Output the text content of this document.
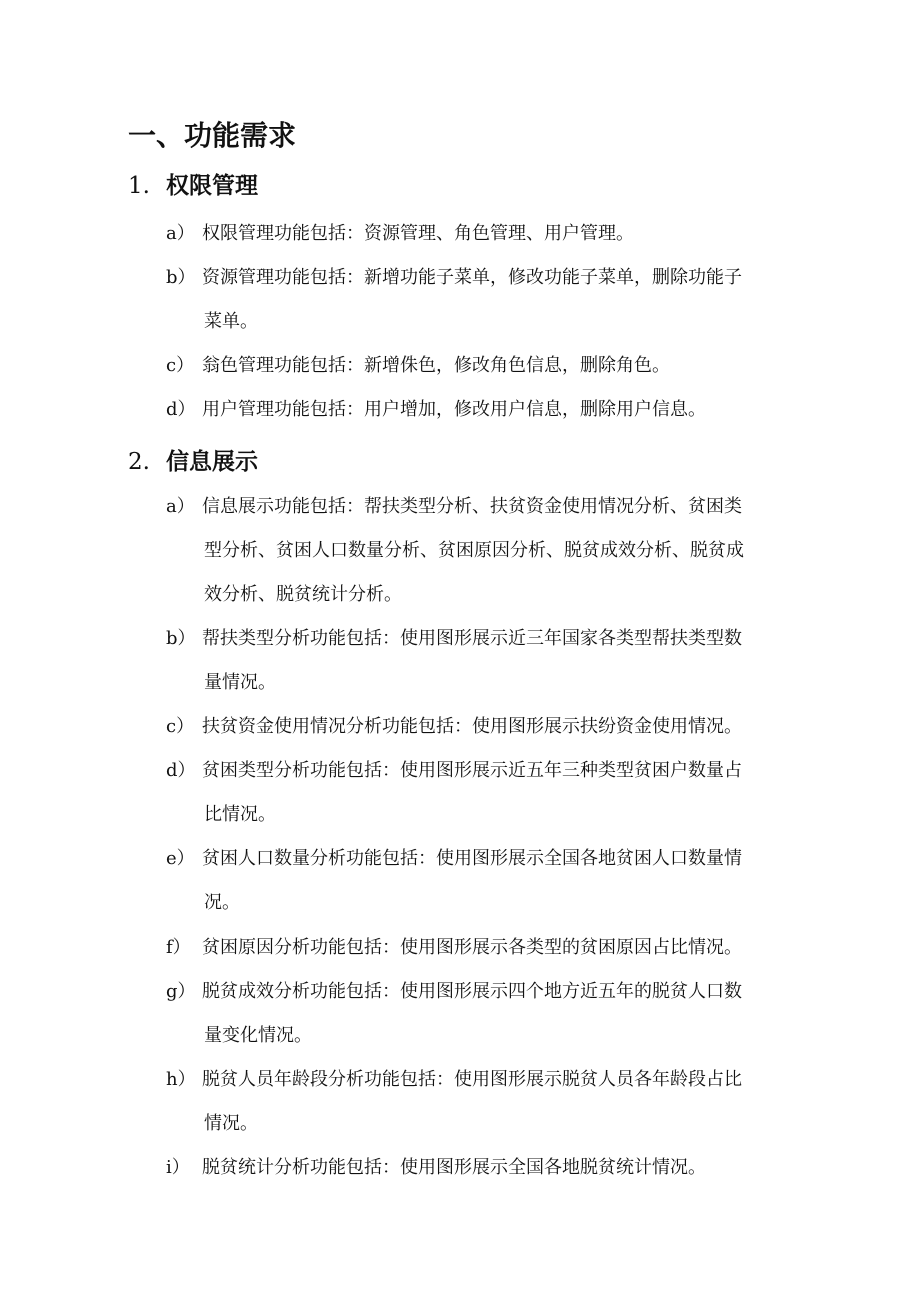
一、功能需求
1. 权限管理
a） 权限管理功能包括：资源管理、角色管理、用户管理。
b） 资源管理功能包括：新增功能子菜单，修改功能子菜单，删除功能子
菜单。
c） 翁色管理功能包括：新增侏色，修改角色信息，删除角色。
d） 用户管理功能包括：用户增加，修改用户信息，删除用户信息。
2. 信息展示
a） 信息展示功能包括：帮扶类型分析、扶贫资金使用情况分析、贫困类
型分析、贫困人口数量分析、贫困原因分析、脱贫成效分析、脱贫成
效分析、脱贫统计分析。
b） 帮扶类型分析功能包括：使用图形展示近三年国家各类型帮扶类型数
量情况。
c） 扶贫资金使用情况分析功能包括：使用图形展示扶纷资金使用情况。
d） 贫困类型分析功能包括：使用图形展示近五年三种类型贫困户数量占
比情况。
e） 贫困人口数量分析功能包括：使用图形展示全国各地贫困人口数量情
况。
f） 贫困原因分析功能包括：使用图形展示各类型的贫困原因占比情况。
g） 脱贫成效分析功能包括：使用图形展示四个地方近五年的脱贫人口数
量变化情况。
h） 脱贫人员年龄段分析功能包括：使用图形展示脱贫人员各年龄段占比
情况。
i） 脱贫统计分析功能包括：使用图形展示全国各地脱贫统计情况。
